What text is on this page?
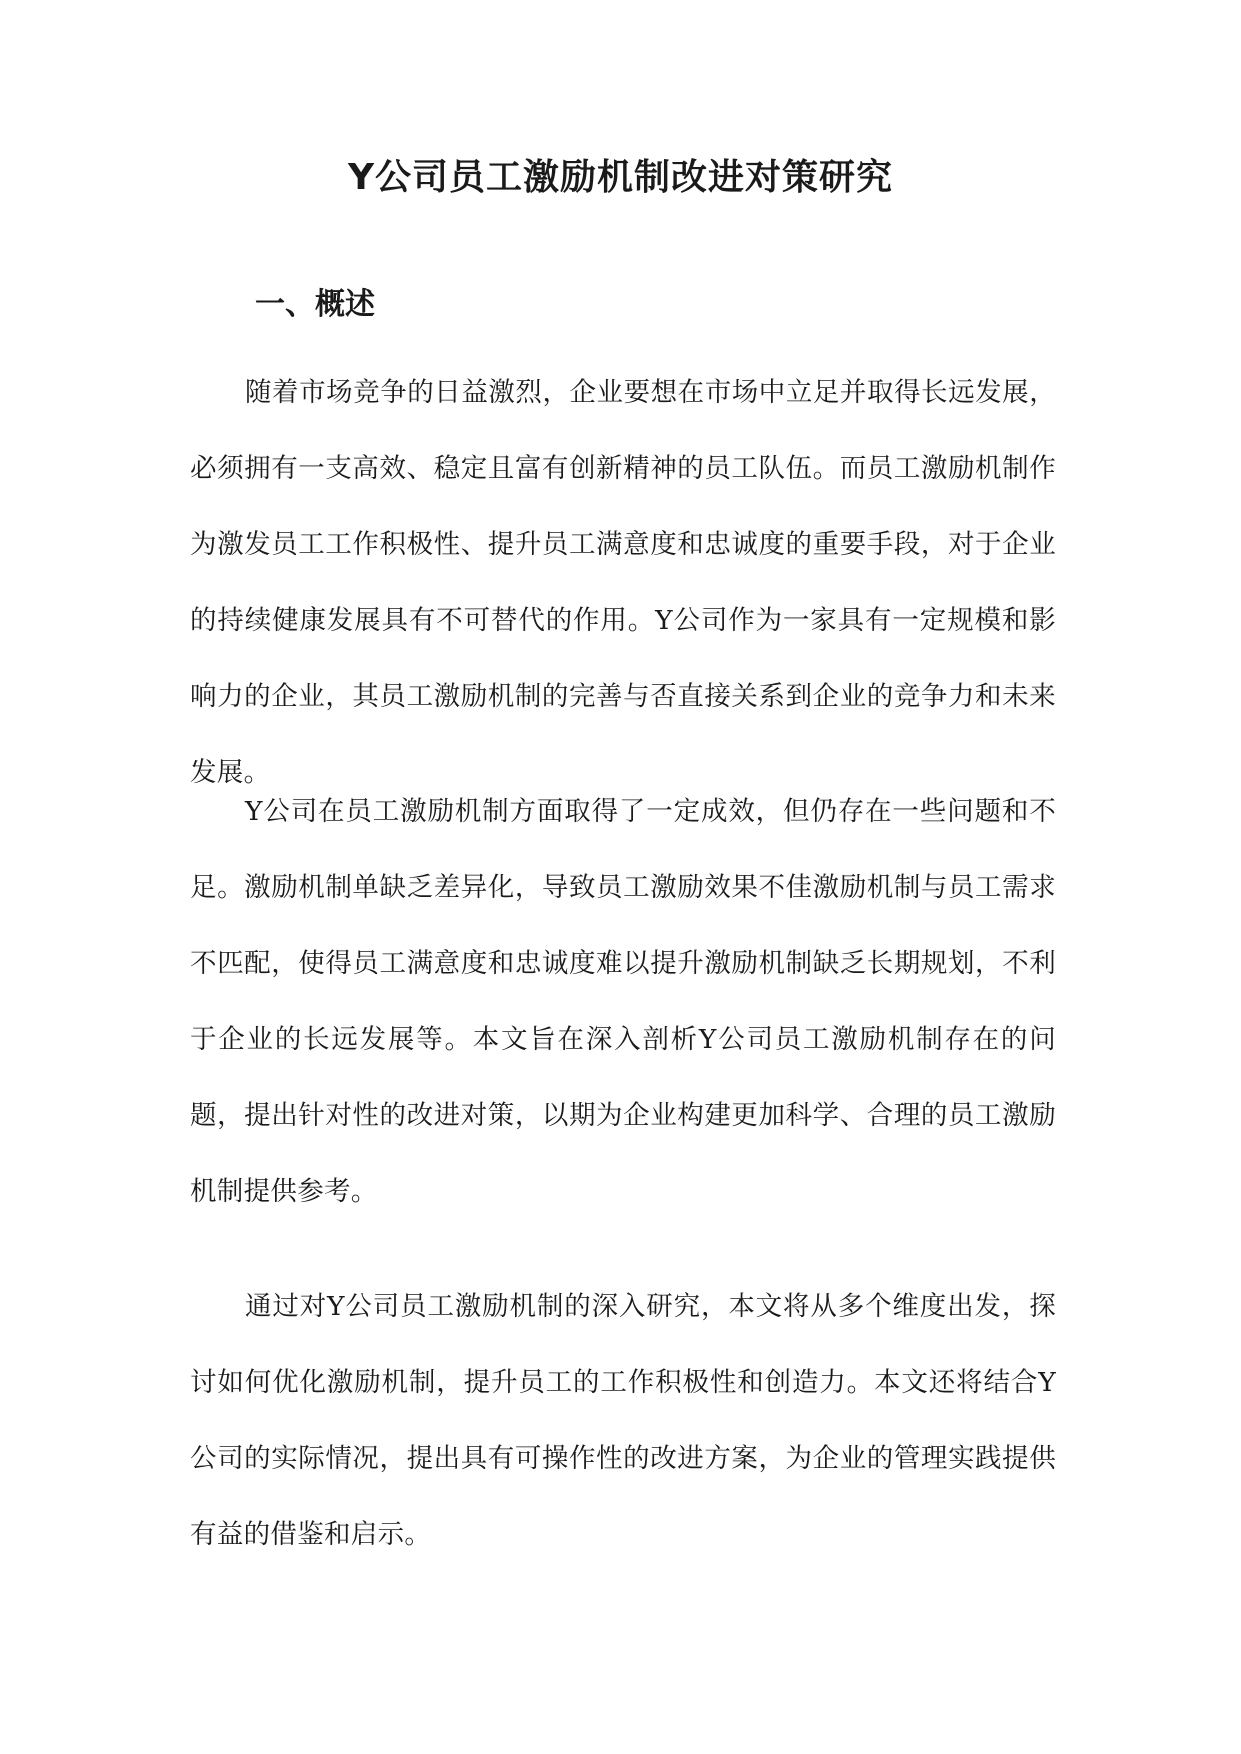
Y公司员工激励机制改进对策研究
一、概述

随着市场竞争的日益激烈，企业要想在市场中立足并取得长远发展，必须拥有一支高效、稳定且富有创新精神的员工队伍。而员工激励机制作为激发员工工作积极性、提升员工满意度和忠诚度的重要手段，对于企业的持续健康发展具有不可替代的作用。Y公司作为一家具有一定规模和影响力的企业，其员工激励机制的完善与否直接关系到企业的竞争力和未来发展。

Y公司在员工激励机制方面取得了一定成效，但仍存在一些问题和不足。激励机制单缺乏差异化，导致员工激励效果不佳激励机制与员工需求不匹配，使得员工满意度和忠诚度难以提升激励机制缺乏长期规划，不利于企业的长远发展等。本文旨在深入剖析Y公司员工激励机制存在的问题，提出针对性的改进对策，以期为企业构建更加科学、合理的员工激励机制提供参考。

通过对Y公司员工激励机制的深入研究，本文将从多个维度出发，探讨如何优化激励机制，提升员工的工作积极性和创造力。本文还将结合Y公司的实际情况，提出具有可操作性的改进方案，为企业的管理实践提供有益的借鉴和启示。
